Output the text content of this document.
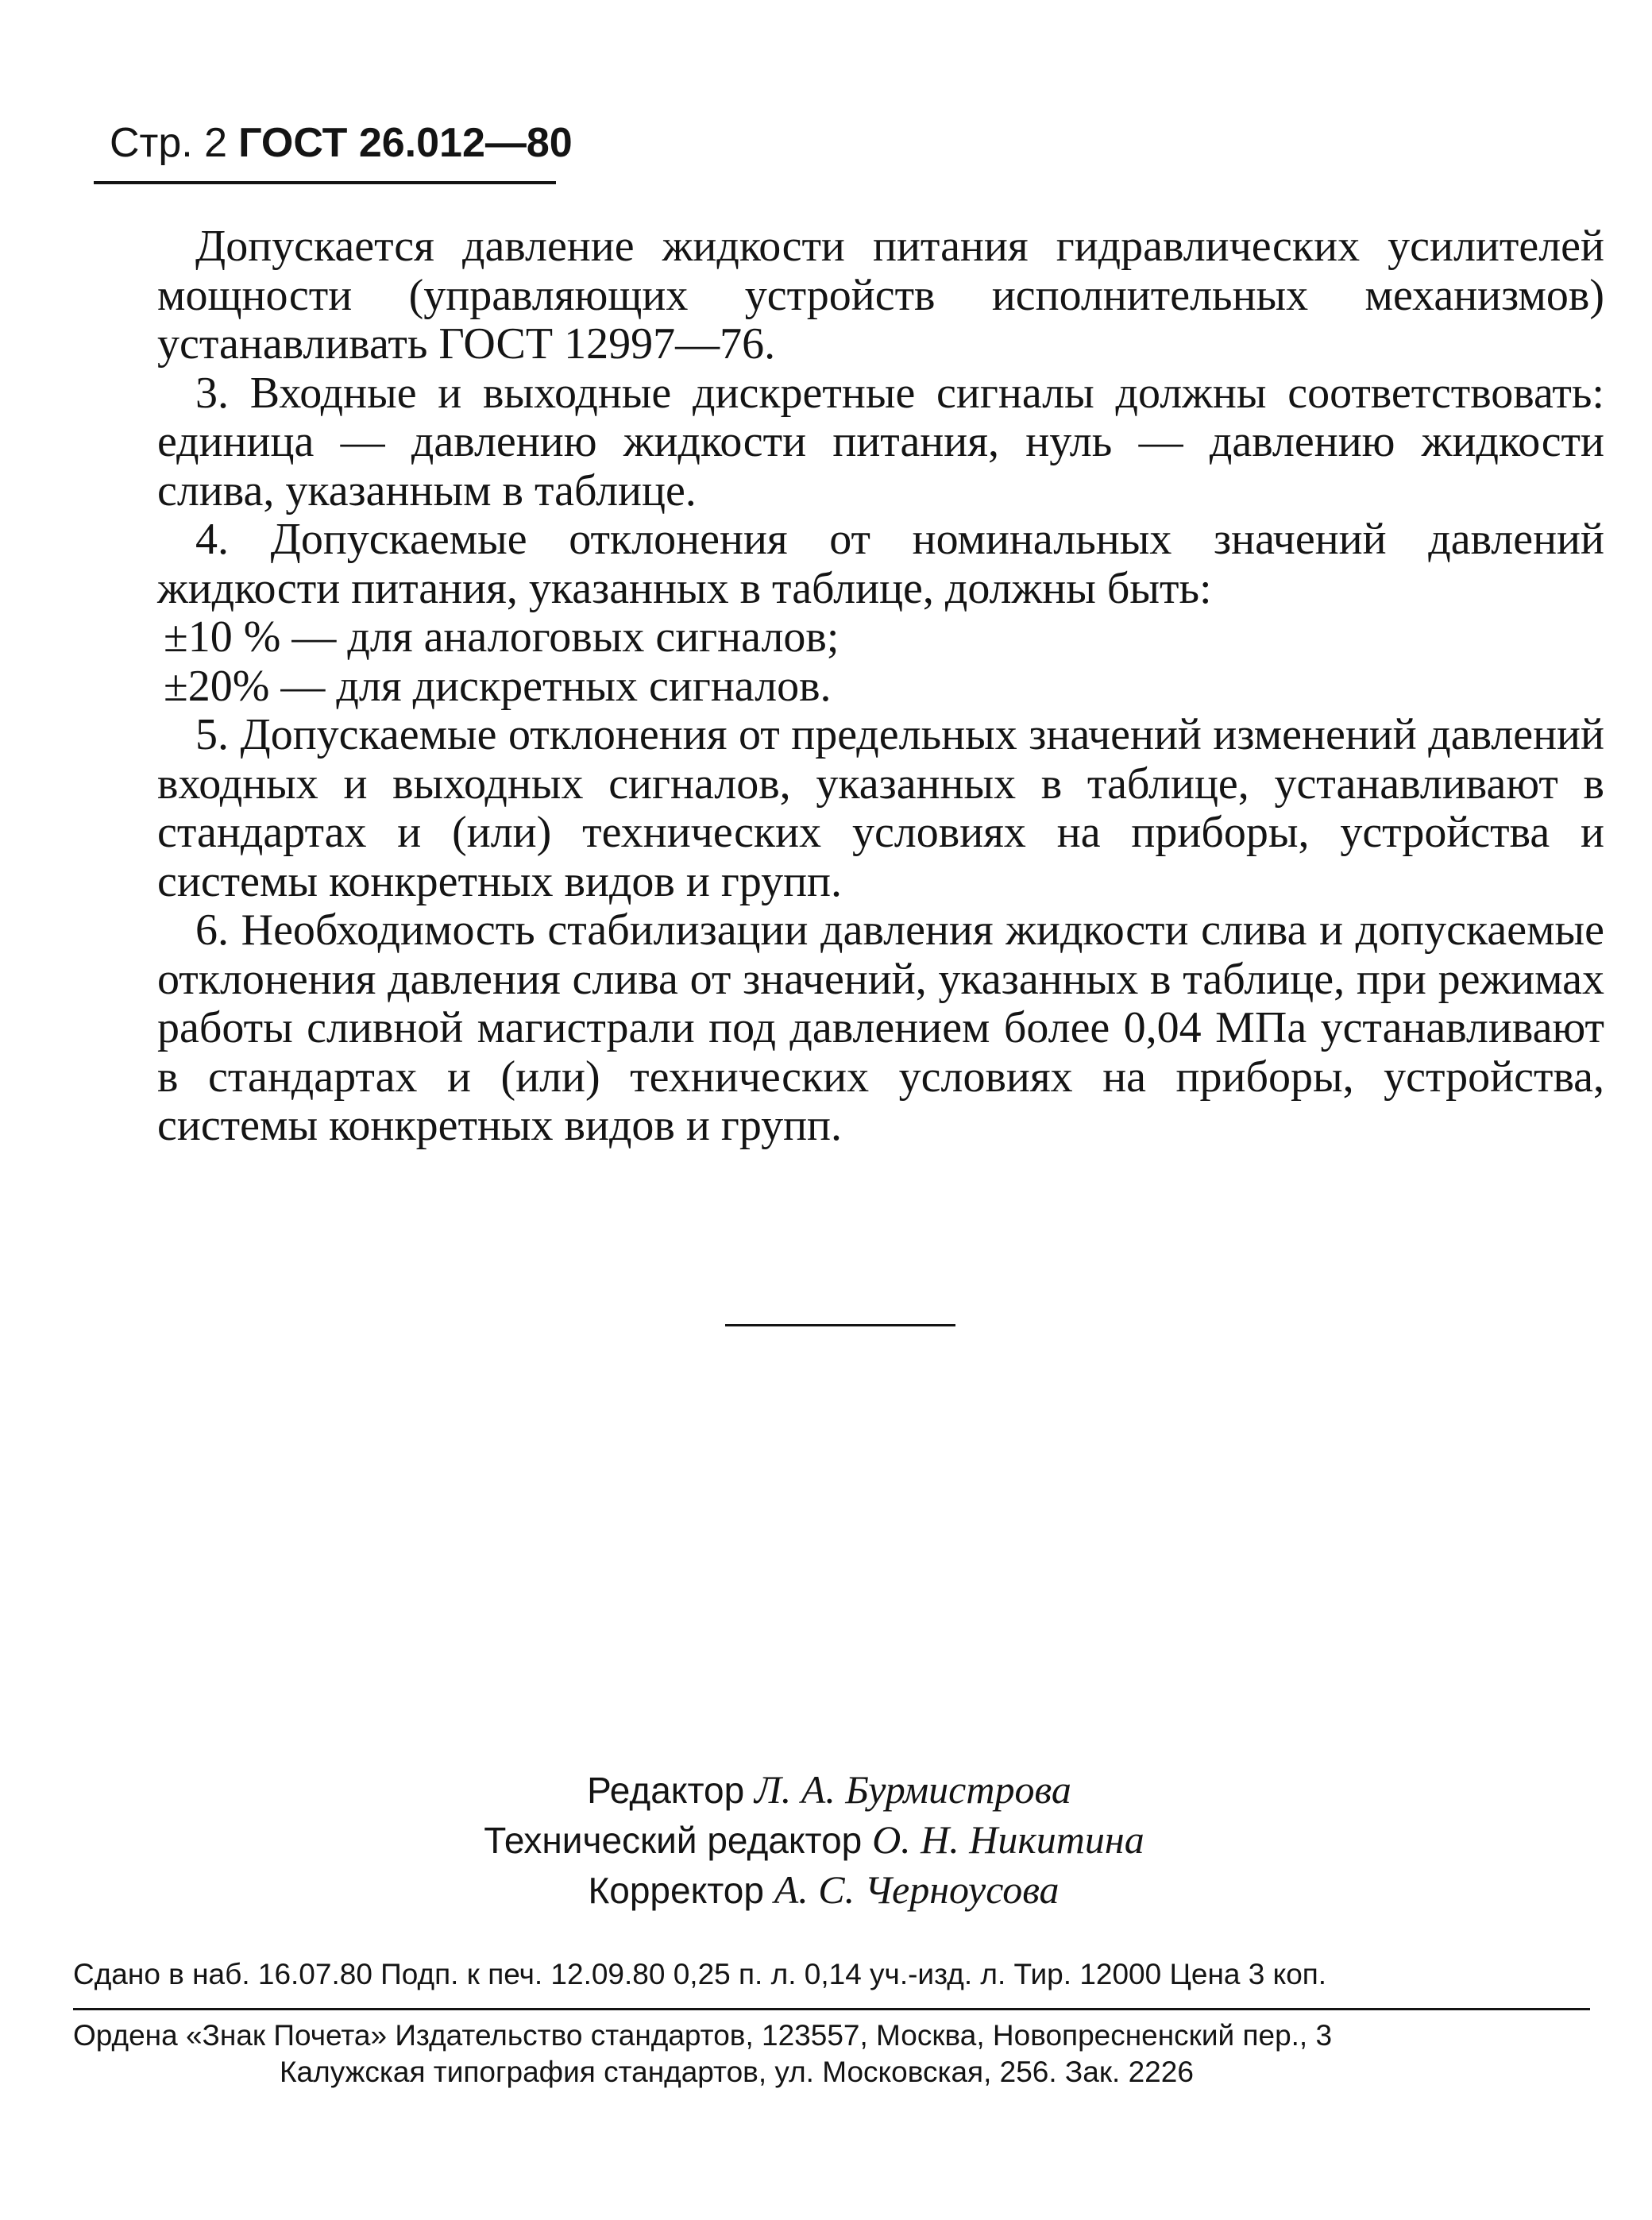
Стр. 2 ГОСТ 26.012—80

Допускается давление жидкости питания гидравлических усилителей мощности (управляющих устройств исполнительных механизмов) устанавливать ГОСТ 12997—76.

3. Входные и выходные дискретные сигналы должны соответствовать: единица — давлению жидкости питания, нуль — давлению жидкости слива, указанным в таблице.

4. Допускаемые отклонения от номинальных значений давлений жидкости питания, указанных в таблице, должны быть:

±10 % — для аналоговых сигналов;

±20% — для дискретных сигналов.

5. Допускаемые отклонения от предельных значений изменений давлений входных и выходных сигналов, указанных в таблице, устанавливают в стандартах и (или) технических условиях на приборы, устройства и системы конкретных видов и групп.

6. Необходимость стабилизации давления жидкости слива и допускаемые отклонения давления слива от значений, указанных в таблице, при режимах работы сливной магистрали под давлением более 0,04 МПа устанавливают в стандартах и (или) технических условиях на приборы, устройства, системы конкретных видов и групп.

Редактор Л. А. Бурмистрова
Технический редактор О. Н. Никитина
Корректор А. С. Черноусова
Сдано в наб. 16.07.80 Подп. к печ. 12.09.80 0,25 п. л. 0,14 уч.-изд. л. Тир. 12000 Цена 3 коп.
Ордена «Знак Почета» Издательство стандартов, 123557, Москва, Новопресненский пер., 3
Калужская типография стандартов, ул. Московская, 256. Зак. 2226
